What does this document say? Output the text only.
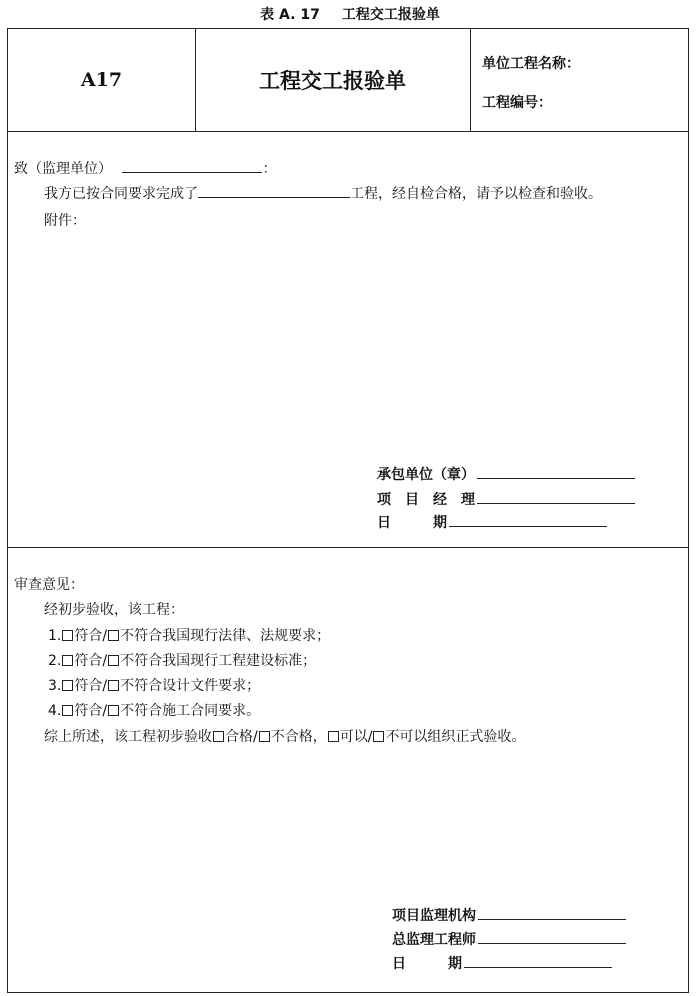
表 A. 17 工程交工报验单
A17	工程交工报验单
单位工程名称：
工程编号：
致（监理单位）	：
我方已按合同要求完成了	工程，经自检合格，请予以检查和验收。
附件：
承包单位（章）
项　目　经　理
日　　　期
审查意见：
经初步验收，该工程：
1. 符合/ 不符合我国现行法律、法规要求；
2. 符合/ 不符合我国现行工程建设标准；
3. 符合/ 不符合设计文件要求；
4. 符合/ 不符合施工合同要求。
综上所述，该工程初步验收 合格/ 不合格， 可以/ 不可以组织正式验收。
项目监理机构
总监理工程师
日　　　期
